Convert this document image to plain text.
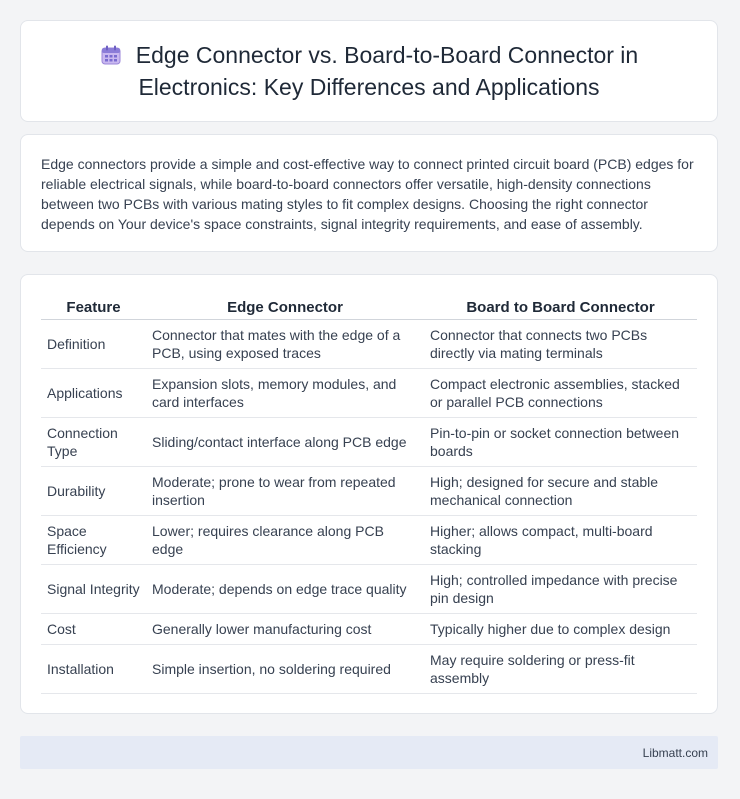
Edge Connector vs. Board-to-Board Connector in Electronics: Key Differences and Applications

Edge connectors provide a simple and cost-effective way to connect printed circuit board (PCB) edges for reliable electrical signals, while board-to-board connectors offer versatile, high-density connections between two PCBs with various mating styles to fit complex designs. Choosing the right connector depends on Your device's space constraints, signal integrity requirements, and ease of assembly.

Feature	Edge Connector	Board to Board Connector
Definition	Connector that mates with the edge of a PCB, using exposed traces	Connector that connects two PCBs directly via mating terminals
Applications	Expansion slots, memory modules, and card interfaces	Compact electronic assemblies, stacked or parallel PCB connections
Connection Type	Sliding/contact interface along PCB edge	Pin-to-pin or socket connection between boards
Durability	Moderate; prone to wear from repeated insertion	High; designed for secure and stable mechanical connection
Space Efficiency	Lower; requires clearance along PCB edge	Higher; allows compact, multi-board stacking
Signal Integrity	Moderate; depends on edge trace quality	High; controlled impedance with precise pin design
Cost	Generally lower manufacturing cost	Typically higher due to complex design
Installation	Simple insertion, no soldering required	May require soldering or press-fit assembly
Libmatt.com
